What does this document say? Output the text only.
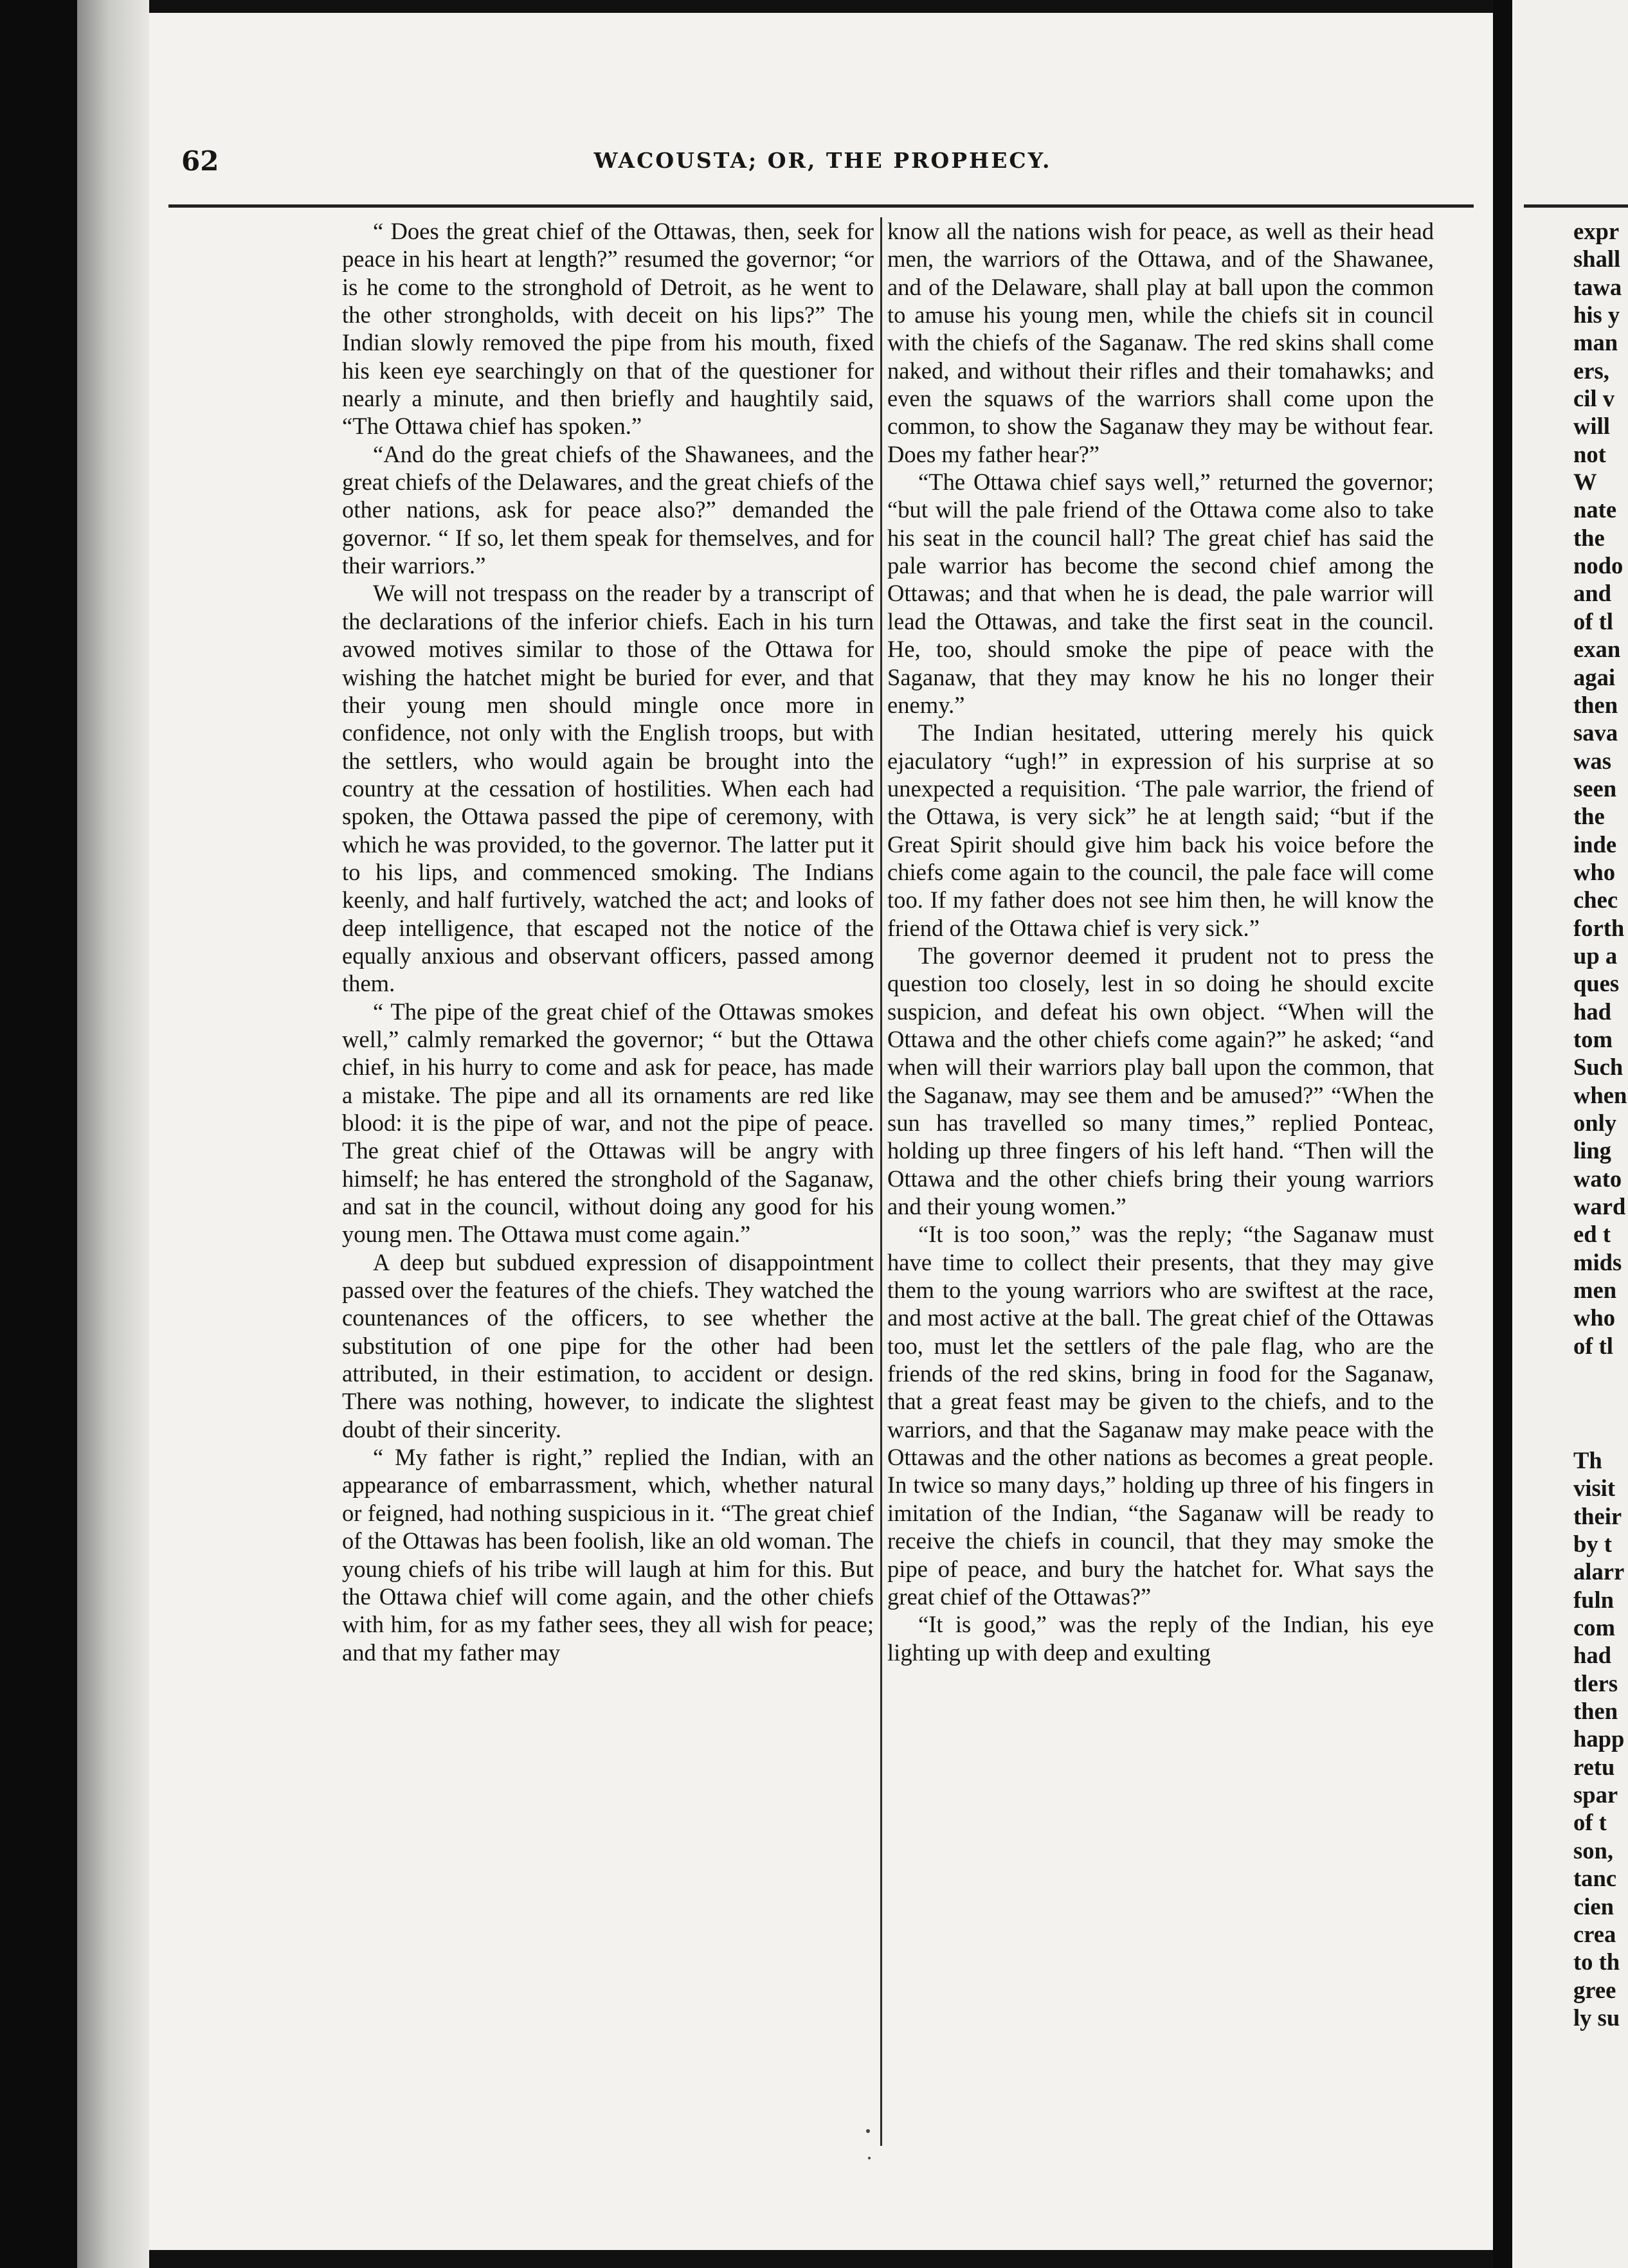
62	WACOUSTA; OR, THE PROPHECY.

“ Does the great chief of the Ottawas, then, seek for peace in his heart at length?” resumed the governor; “or is he come to the stronghold of Detroit, as he went to the other strongholds, with deceit on his lips?” The Indian slowly removed the pipe from his mouth, fixed his keen eye searchingly on that of the questioner for nearly a minute, and then briefly and haughtily said, “The Ottawa chief has spoken.”

“And do the great chiefs of the Shawanees, and the great chiefs of the Delawares, and the great chiefs of the other nations, ask for peace also?” demanded the governor. “ If so, let them speak for themselves, and for their warriors.”

We will not trespass on the reader by a transcript of the declarations of the inferior chiefs. Each in his turn avowed motives similar to those of the Ottawa for wishing the hatchet might be buried for ever, and that their young men should mingle once more in confidence, not only with the English troops, but with the settlers, who would again be brought into the country at the cessation of hostilities. When each had spoken, the Ottawa passed the pipe of ceremony, with which he was provided, to the governor. The latter put it to his lips, and commenced smoking. The Indians keenly, and half furtively, watched the act; and looks of deep intelligence, that escaped not the notice of the equally anxious and observant officers, passed among them.

“ The pipe of the great chief of the Ottawas smokes well,” calmly remarked the governor; “ but the Ottawa chief, in his hurry to come and ask for peace, has made a mistake. The pipe and all its ornaments are red like blood: it is the pipe of war, and not the pipe of peace. The great chief of the Ottawas will be angry with himself; he has entered the stronghold of the Saganaw, and sat in the council, without doing any good for his young men. The Ottawa must come again.”

A deep but subdued expression of disappointment passed over the features of the chiefs. They watched the countenances of the officers, to see whether the substitution of one pipe for the other had been attributed, in their estimation, to accident or design. There was nothing, however, to indicate the slightest doubt of their sincerity.

“ My father is right,” replied the Indian, with an appearance of embarrassment, which, whether natural or feigned, had nothing suspicious in it. “The great chief of the Ottawas has been foolish, like an old woman. The young chiefs of his tribe will laugh at him for this. But the Ottawa chief will come again, and the other chiefs with him, for as my father sees, they all wish for peace; and that my father may

know all the nations wish for peace, as well as their head men, the warriors of the Ottawa, and of the Shawanee, and of the Delaware, shall play at ball upon the common to amuse his young men, while the chiefs sit in council with the chiefs of the Saganaw. The red skins shall come naked, and without their rifles and their tomahawks; and even the squaws of the warriors shall come upon the common, to show the Saganaw they may be without fear. Does my father hear?”

“The Ottawa chief says well,” returned the governor; “but will the pale friend of the Ottawa come also to take his seat in the council hall? The great chief has said the pale warrior has become the second chief among the Ottawas; and that when he is dead, the pale warrior will lead the Ottawas, and take the first seat in the council. He, too, should smoke the pipe of peace with the Saganaw, that they may know he his no longer their enemy.”

The Indian hesitated, uttering merely his quick ejaculatory “ugh!” in expression of his surprise at so unexpected a requisition. ‘The pale warrior, the friend of the Ottawa, is very sick” he at length said; “but if the Great Spirit should give him back his voice before the chiefs come again to the council, the pale face will come too. If my father does not see him then, he will know the friend of the Ottawa chief is very sick.”

The governor deemed it prudent not to press the question too closely, lest in so doing he should excite suspicion, and defeat his own object. “When will the Ottawa and the other chiefs come again?” he asked; “and when will their warriors play ball upon the common, that the Saganaw, may see them and be amused?” “When the sun has travelled so many times,” replied Ponteac, holding up three fingers of his left hand. “Then will the Ottawa and the other chiefs bring their young warriors and their young women.”

“It is too soon,” was the reply; “the Saganaw must have time to collect their presents, that they may give them to the young warriors who are swiftest at the race, and most active at the ball. The great chief of the Ottawas too, must let the settlers of the pale flag, who are the friends of the red skins, bring in food for the Saganaw, that a great feast may be given to the chiefs, and to the warriors, and that the Saganaw may make peace with the Ottawas and the other nations as becomes a great people. In twice so many days,” holding up three of his fingers in imitation of the Indian, “the Saganaw will be ready to receive the chiefs in council, that they may smoke the pipe of peace, and bury the hatchet for. What says the great chief of the Ottawas?”

“It is good,” was the reply of the Indian, his eye lighting up with deep and exulting

expr
shall
tawa
his y
man
ers,
cil v
will
not
W
nate
the
nodo
and
of tl
exan
agai
then
sava
was
seen
the
inde
who
chec
forth
up a
ques
had
tom
Such
when
only
ling
wato
ward
ed t
mids
men
who
of tl
Th
visit
their
by t
alarr
fuln
com
had
tlers
then
happ
retu
spar
of t
son,
tanc
cien
crea
to th
gree
ly su
